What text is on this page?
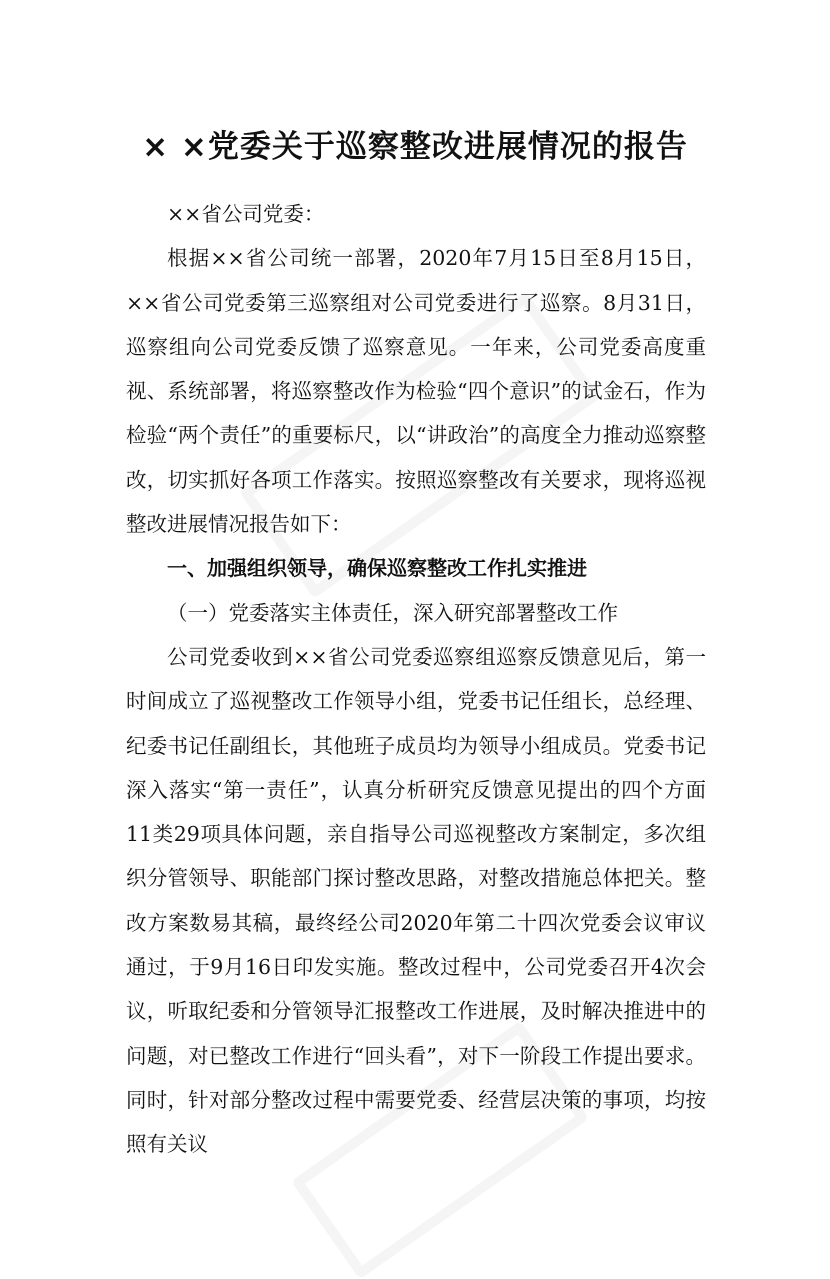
× ×党委关于巡察整改进展情况的报告

××省公司党委：

根据××省公司统一部署，2020年7月15日至8月15日，××省公司党委第三巡察组对公司党委进行了巡察。8月31日，巡察组向公司党委反馈了巡察意见。一年来，公司党委高度重视、系统部署，将巡察整改作为检验“四个意识”的试金石，作为检验“两个责任”的重要标尺，以“讲政治”的高度全力推动巡察整改，切实抓好各项工作落实。按照巡察整改有关要求，现将巡视整改进展情况报告如下：

一、加强组织领导，确保巡察整改工作扎实推进

（一）党委落实主体责任，深入研究部署整改工作

公司党委收到××省公司党委巡察组巡察反馈意见后，第一时间成立了巡视整改工作领导小组，党委书记任组长，总经理、纪委书记任副组长，其他班子成员均为领导小组成员。党委书记深入落实“第一责任”，认真分析研究反馈意见提出的四个方面11类29项具体问题，亲自指导公司巡视整改方案制定，多次组织分管领导、职能部门探讨整改思路，对整改措施总体把关。整改方案数易其稿，最终经公司2020年第二十四次党委会议审议通过，于9月16日印发实施。整改过程中，公司党委召开4次会议，听取纪委和分管领导汇报整改工作进展，及时解决推进中的问题，对已整改工作进行“回头看”，对下一阶段工作提出要求。同时，针对部分整改过程中需要党委、经营层决策的事项，均按照有关议
